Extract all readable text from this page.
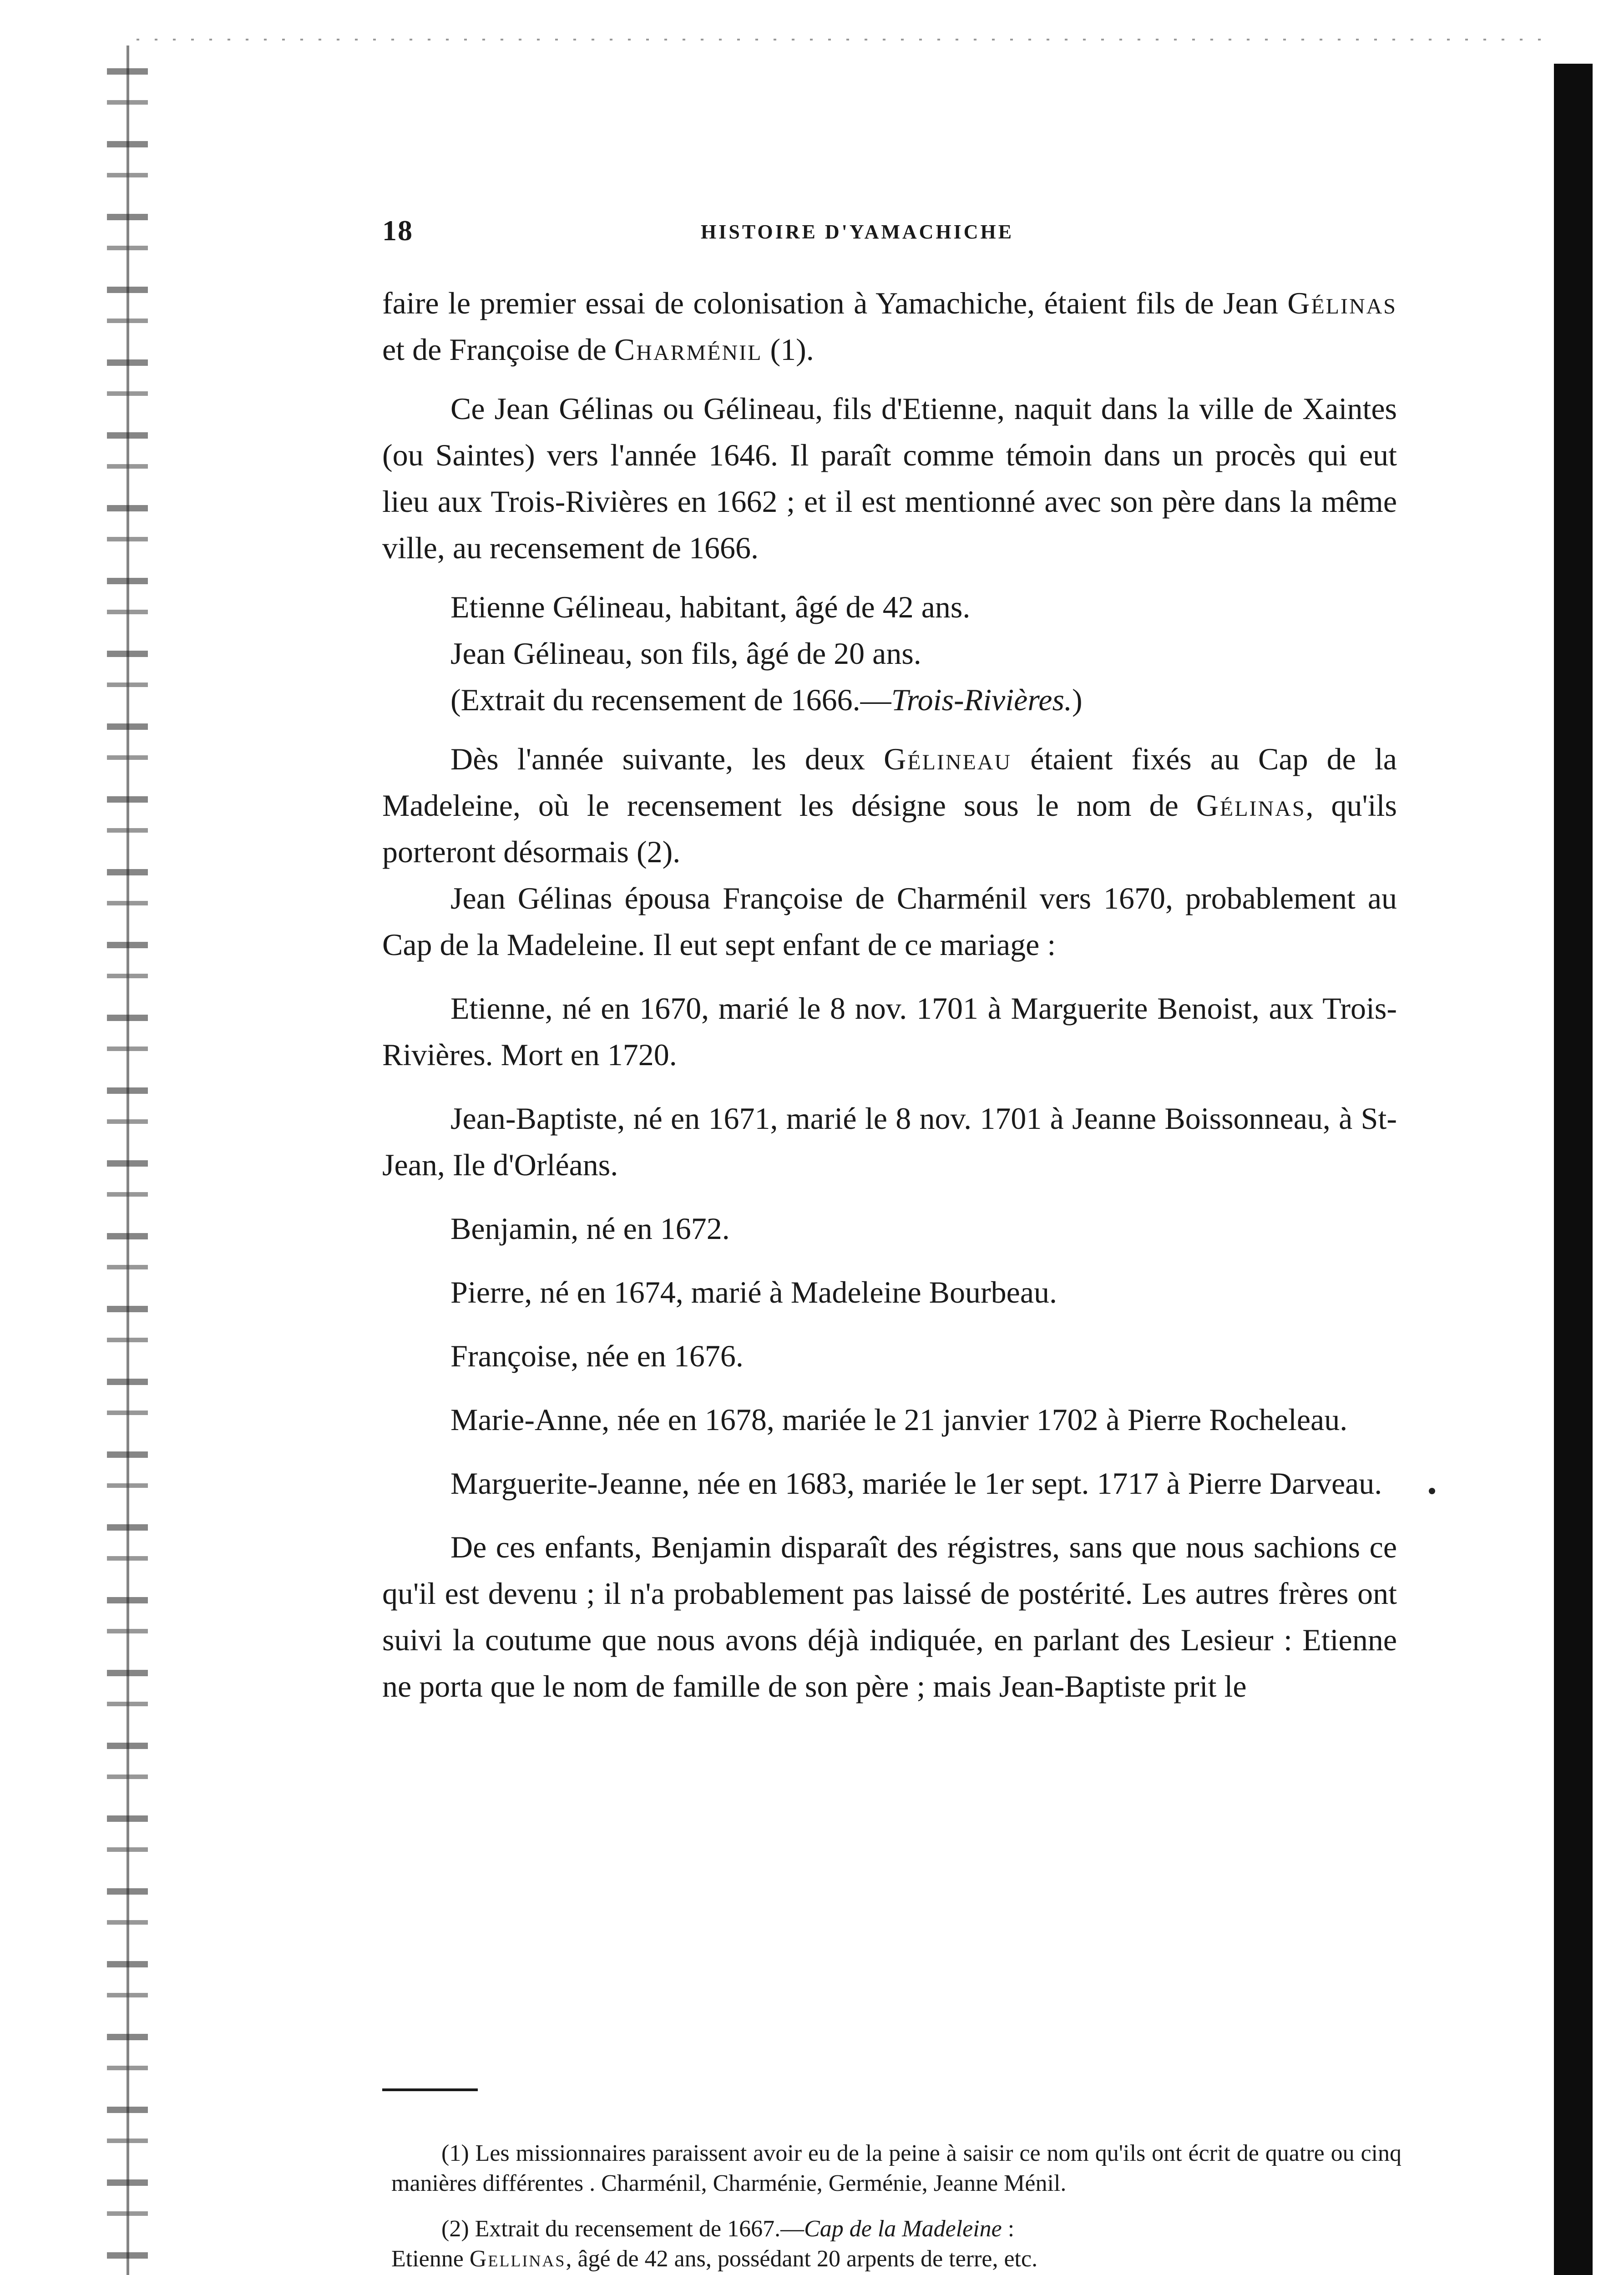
18	HISTOIRE D'YAMACHICHE

faire le premier essai de colonisation à Yamachiche, étaient fils de Jean Gélinas et de Françoise de Charménil (1).

Ce Jean Gélinas ou Gélineau, fils d'Etienne, naquit dans la ville de Xaintes (ou Saintes) vers l'année 1646. Il paraît comme témoin dans un procès qui eut lieu aux Trois-Rivières en 1662 ; et il est mentionné avec son père dans la même ville, au recensement de 1666.

Etienne Gélineau, habitant, âgé de 42 ans.

Jean Gélineau, son fils, âgé de 20 ans.

(Extrait du recensement de 1666.—Trois-Rivières.)

Dès l'année suivante, les deux Gélineau étaient fixés au Cap de la Madeleine, où le recensement les désigne sous le nom de Gélinas, qu'ils porteront désormais (2).

Jean Gélinas épousa Françoise de Charménil vers 1670, probablement au Cap de la Madeleine. Il eut sept enfant de ce mariage :

Etienne, né en 1670, marié le 8 nov. 1701 à Marguerite Benoist, aux Trois-Rivières. Mort en 1720.

Jean-Baptiste, né en 1671, marié le 8 nov. 1701 à Jeanne Boissonneau, à St-Jean, Ile d'Orléans.

Benjamin, né en 1672.

Pierre, né en 1674, marié à Madeleine Bourbeau.

Françoise, née en 1676.

Marie-Anne, née en 1678, mariée le 21 janvier 1702 à Pierre Rocheleau.

Marguerite-Jeanne, née en 1683, mariée le 1er sept. 1717 à Pierre Darveau.

De ces enfants, Benjamin disparaît des régistres, sans que nous sachions ce qu'il est devenu ; il n'a probablement pas laissé de postérité. Les autres frères ont suivi la coutume que nous avons déjà indiquée, en parlant des Lesieur : Etienne ne porta que le nom de famille de son père ; mais Jean-Baptiste prit le

(1) Les missionnaires paraissent avoir eu de la peine à saisir ce nom qu'ils ont écrit de quatre ou cinq manières différentes . Charménil, Charménie, Germénie, Jeanne Ménil.

(2) Extrait du recensement de 1667.—Cap de la Madeleine :

Etienne Gellinas, âgé de 42 ans, possédant 20 arpents de terre, etc.
